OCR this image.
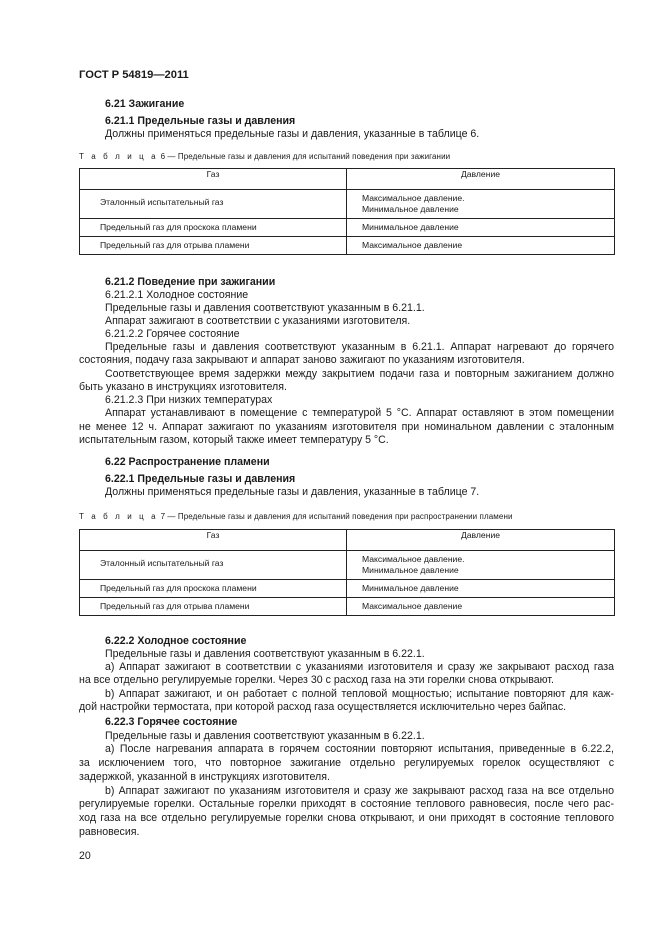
ГОСТ Р 54819—2011
6.21 Зажигание
6.21.1 Предельные газы и давления
Должны применяться предельные газы и давления, указанные в таблице 6.
Т а б л и ц а 6 — Предельные газы и давления для испытаний поведения при зажигании
Газ	Давление
Эталонный испытательный газ	Максимальное давление.
Минимальное давление

Предельный газ для проскока пламени	Минимальное давление
Предельный газ для отрыва пламени	Максимальное давление
6.21.2 Поведение при зажигании
6.21.2.1 Холодное состояние
Предельные газы и давления соответствуют указанным в 6.21.1.
Аппарат зажигают в соответствии с указаниями изготовителя.
6.21.2.2 Горячее состояние
Предельные газы и давления соответствуют указанным в 6.21.1. Аппарат нагревают до горячего
состояния, подачу газа закрывают и аппарат заново зажигают по указаниям изготовителя.
Соответствующее время задержки между закрытием подачи газа и повторным зажиганием должно
быть указано в инструкциях изготовителя.
6.21.2.3 При низких температурах
Аппарат устанавливают в помещение с температурой 5 °С. Аппарат оставляют в этом помещении
не менее 12 ч. Аппарат зажигают по указаниям изготовителя при номинальном давлении с эталонным
испытательным газом, который также имеет температуру 5 °С.
6.22 Распространение пламени
6.22.1 Предельные газы и давления
Должны применяться предельные газы и давления, указанные в таблице 7.
Т а б л и ц а 7 — Предельные газы и давления для испытаний поведения при распространении пламени
Газ	Давление
Эталонный испытательный газ	Максимальное давление.
Минимальное давление

Предельный газ для проскока пламени	Минимальное давление
Предельный газ для отрыва пламени	Максимальное давление
6.22.2 Холодное состояние
Предельные газы и давления соответствуют указанным в 6.22.1.
а) Аппарат зажигают в соответствии с указаниями изготовителя и сразу же закрывают расход газа
на все отдельно регулируемые горелки. Через 30 с расход газа на эти горелки снова открывают.
b) Аппарат зажигают, и он работает с полной тепловой мощностью; испытание повторяют для каж-
дой настройки термостата, при которой расход газа осуществляется исключительно через байпас.
6.22.3 Горячее состояние
Предельные газы и давления соответствуют указанным в 6.22.1.
а) После нагревания аппарата в горячем состоянии повторяют испытания, приведенные в 6.22.2,
за исключением того, что повторное зажигание отдельно регулируемых горелок осуществляют с
задержкой, указанной в инструкциях изготовителя.
b) Аппарат зажигают по указаниям изготовителя и сразу же закрывают расход газа на все отдельно
регулируемые горелки. Остальные горелки приходят в состояние теплового равновесия, после чего рас-
ход газа на все отдельно регулируемые горелки снова открывают, и они приходят в состояние теплового
равновесия.
20
